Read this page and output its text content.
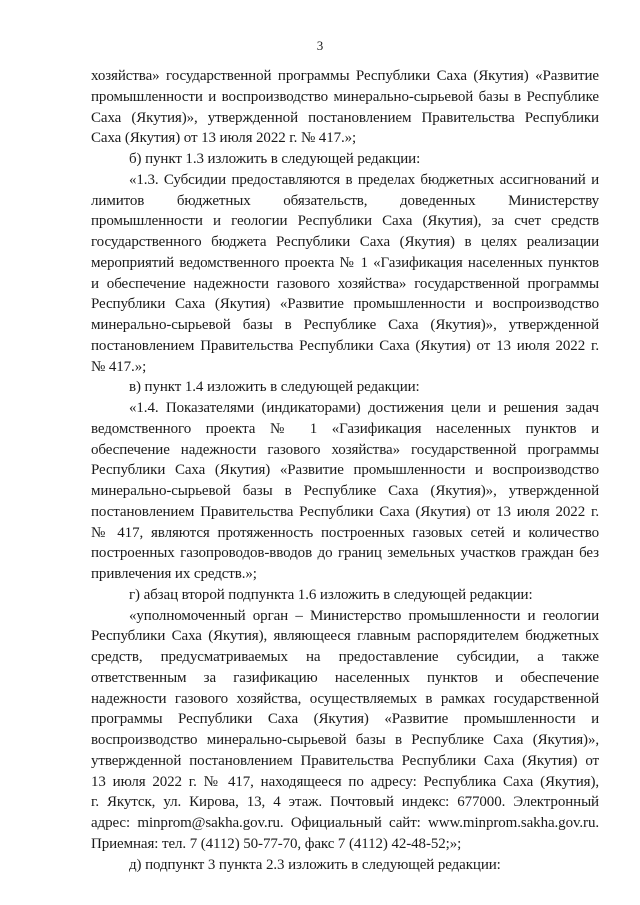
3
хозяйства» государственной программы Республики Саха (Якутия) «Развитие
промышленности и воспроизводство минерально-сырьевой базы в Республике
Саха (Якутия)», утвержденной постановлением Правительства Республики
Саха (Якутия) от 13 июля 2022 г. № 417.»;
б) пункт 1.3 изложить в следующей редакции:
«1.3. Субсидии предоставляются в пределах бюджетных ассигнований и
лимитов бюджетных обязательств, доведенных Министерству
промышленности и геологии Республики Саха (Якутия), за счет средств
государственного бюджета Республики Саха (Якутия) в целях реализации
мероприятий ведомственного проекта № 1 «Газификация населенных пунктов
и обеспечение надежности газового хозяйства» государственной программы
Республики Саха (Якутия) «Развитие промышленности и воспроизводство
минерально-сырьевой базы в Республике Саха (Якутия)», утвержденной
постановлением Правительства Республики Саха (Якутия) от 13 июля 2022 г.
№ 417.»;
в) пункт 1.4 изложить в следующей редакции:
«1.4. Показателями (индикаторами) достижения цели и решения задач
ведомственного проекта № 1 «Газификация населенных пунктов и
обеспечение надежности газового хозяйства» государственной программы
Республики Саха (Якутия) «Развитие промышленности и воспроизводство
минерально-сырьевой базы в Республике Саха (Якутия)», утвержденной
постановлением Правительства Республики Саха (Якутия) от 13 июля 2022 г.
№ 417, являются протяженность построенных газовых сетей и количество
построенных газопроводов-вводов до границ земельных участков граждан без
привлечения их средств.»;
г) абзац второй подпункта 1.6 изложить в следующей редакции:
«уполномоченный орган – Министерство промышленности и геологии
Республики Саха (Якутия), являющееся главным распорядителем бюджетных
средств, предусматриваемых на предоставление субсидии, а также
ответственным за газификацию населенных пунктов и обеспечение
надежности газового хозяйства, осуществляемых в рамках государственной
программы Республики Саха (Якутия) «Развитие промышленности и
воспроизводство минерально-сырьевой базы в Республике Саха (Якутия)»,
утвержденной постановлением Правительства Республики Саха (Якутия) от
13 июля 2022 г. № 417, находящееся по адресу: Республика Саха (Якутия),
г. Якутск, ул. Кирова, 13, 4 этаж. Почтовый индекс: 677000. Электронный
адрес: minprom@sakha.gov.ru. Официальный сайт: www.minprom.sakha.gov.ru.
Приемная: тел. 7 (4112) 50-77-70, факс 7 (4112) 42-48-52;»;
д) подпункт 3 пункта 2.3 изложить в следующей редакции:
